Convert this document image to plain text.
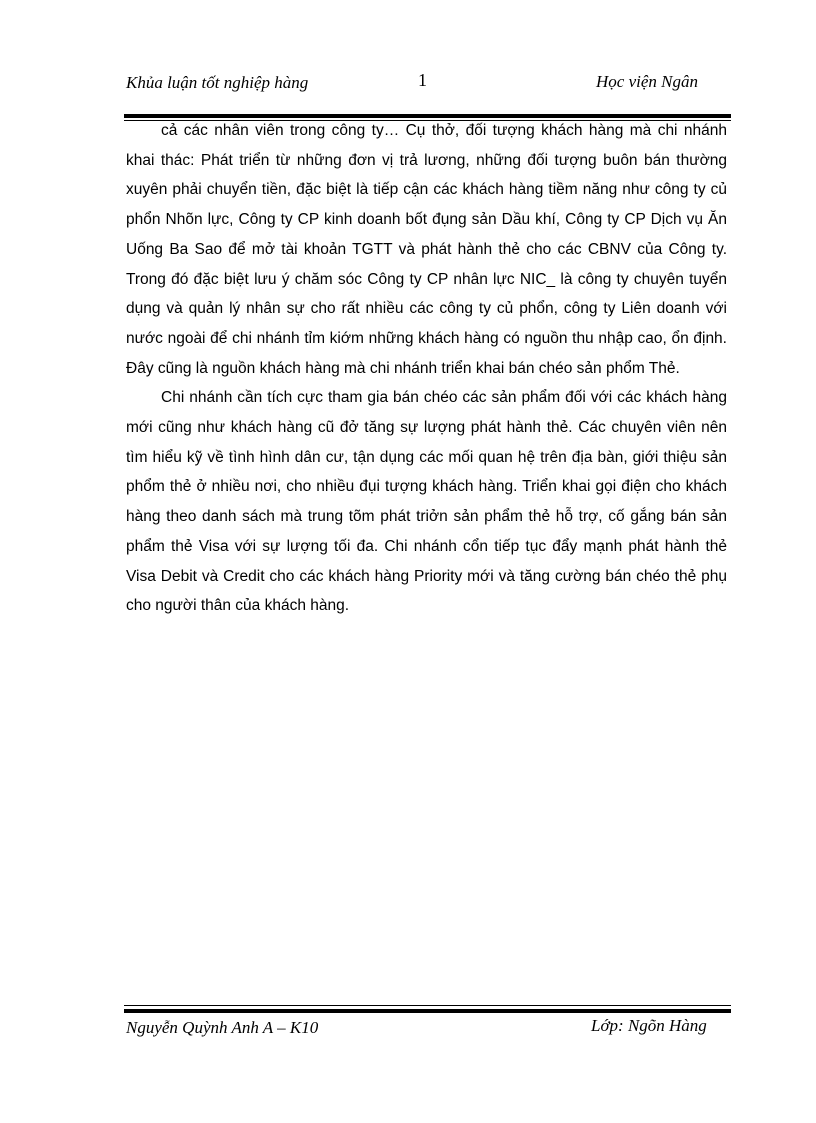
Khủa luận tốt nghiệp hàng	1	Học viện Ngân

cả các nhân viên trong công ty… Cụ thở, đối tượng khách hàng mà chi nhánh khai thác: Phát triển từ những đơn vị trả lương, những đối tượng buôn bán thường xuyên phải chuyển tiền, đặc biệt là tiếp cận các khách hàng tiềm năng như công ty củ phổn Nhõn lực, Công ty CP kinh doanh bốt đụng sản Dầu khí, Công ty CP Dịch vụ Ăn Uống Ba Sao để mở tài khoản TGTT và phát hành thẻ cho các CBNV của Công ty. Trong đó đặc biệt lưu ý chăm sóc Công ty CP nhân lực NIC_ là công ty chuyên tuyển dụng và quản lý nhân sự cho rất nhiều các công ty củ phổn, công ty Liên doanh với nước ngoài để chi nhánh tỉm kiớm những khách hàng có nguồn thu nhập cao, ổn định. Đây cũng là nguồn khách hàng mà chi nhánh triển khai bán chéo sản phổm Thẻ.

Chi nhánh cần tích cực tham gia bán chéo các sản phẩm đối với các khách hàng mới cũng như khách hàng cũ đở tăng sự lượng phát hành thẻ. Các chuyên viên nên tìm hiểu kỹ về tình hình dân cư, tận dụng các mối quan hệ trên địa bàn, giới thiệu sản phổm thẻ ở nhiều nơi, cho nhiều đụi tượng khách hàng. Triển khai gọi điện cho khách hàng theo danh sách mà trung tõm phát triởn sản phẩm thẻ hỗ trợ, cố gắng bán sản phẩm thẻ Visa với sự lượng tối đa. Chi nhánh cổn tiếp tục đẩy mạnh phát hành thẻ Visa Debit và Credit cho các khách hàng Priority mới và tăng cường bán chéo thẻ phụ cho người thân của khách hàng.

Nguyễn Quỳnh Anh A – K10	Lớp: Ngõn Hàng
